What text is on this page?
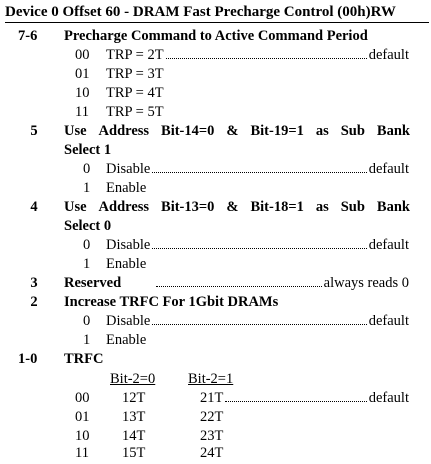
Device 0 Offset 60 - DRAM Fast Precharge Control (00h)RW
7-6	Precharge Command to Active Command Period
00	TRP = 2T	default
01	TRP = 3T
10	TRP = 4T
11	TRP = 5T
5	Use Address Bit-14=0 & Bit-19=1 as Sub Bank
Select 1
0	Disable	default
1	Enable
4	Use Address Bit-13=0 & Bit-18=1 as Sub Bank
Select 0
0	Disable	default
1	Enable
3	Reserved	always reads 0
2	Increase TRFC For 1Gbit DRAMs
0	Disable	default
1	Enable
1-0	TRFC
Bit-2=0 Bit-2=1
00	12T	21T	default
01	13T	22T
10	14T	23T
11	15T	24T
